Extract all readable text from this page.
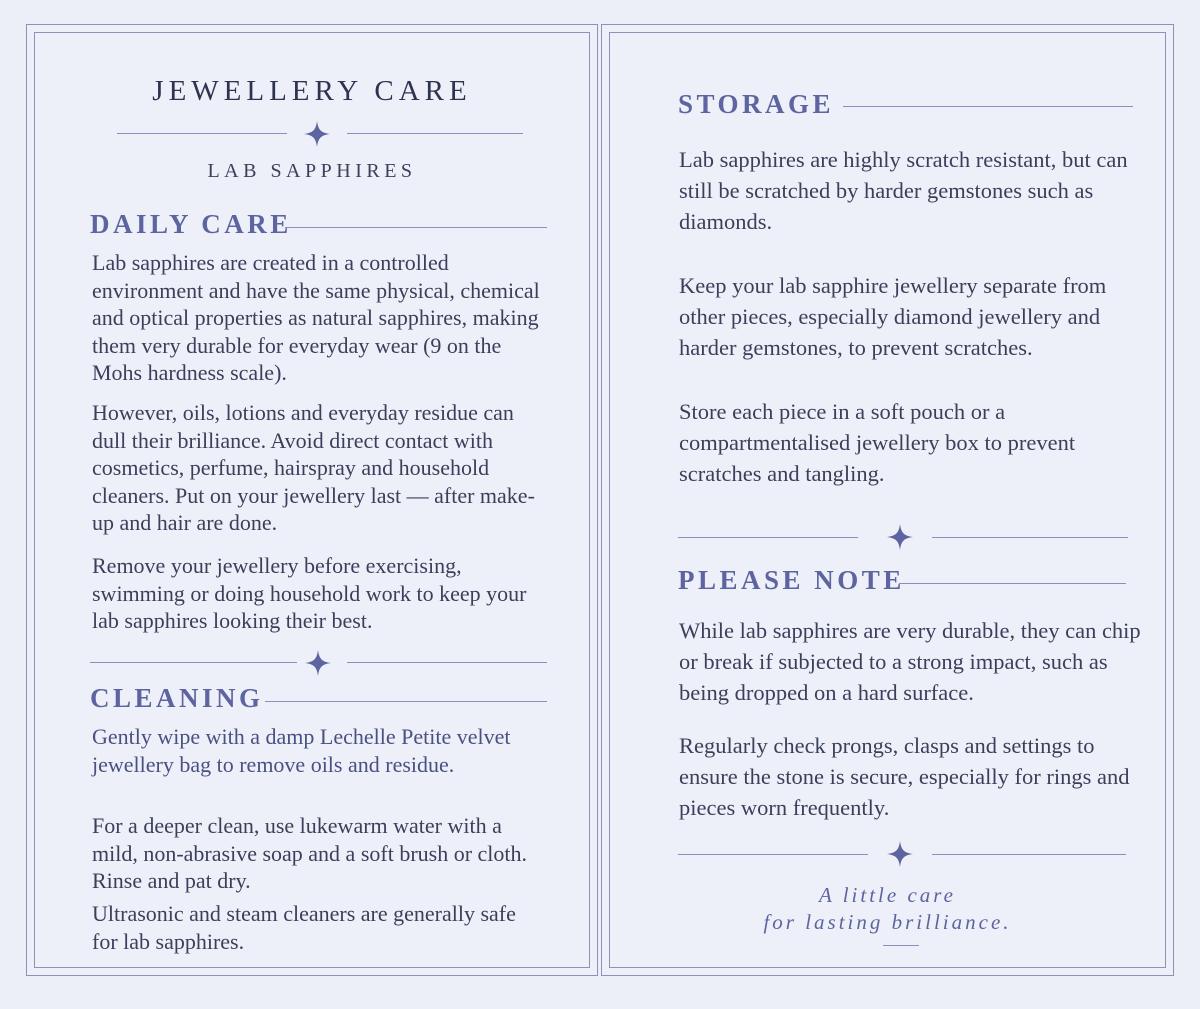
JEWELLERY CARE
LAB SAPPHIRES
DAILY CARE
Lab sapphires are created in a controlled environment and have the same physical, chemical and optical properties as natural sapphires, making them very durable for everyday wear (9 on the Mohs hardness scale).
However, oils, lotions and everyday residue can dull their brilliance. Avoid direct contact with cosmetics, perfume, hairspray and household cleaners. Put on your jewellery last — after make-up and hair are done.
Remove your jewellery before exercising, swimming or doing household work to keep your lab sapphires looking their best.
CLEANING
Gently wipe with a damp Lechelle Petite velvet jewellery bag to remove oils and residue.
For a deeper clean, use lukewarm water with a mild, non-abrasive soap and a soft brush or cloth. Rinse and pat dry.
Ultrasonic and steam cleaners are generally safe for lab sapphires.
STORAGE
Lab sapphires are highly scratch resistant, but can still be scratched by harder gemstones such as diamonds.
Keep your lab sapphire jewellery separate from other pieces, especially diamond jewellery and harder gemstones, to prevent scratches.
Store each piece in a soft pouch or a compartmentalised jewellery box to prevent scratches and tangling.
PLEASE NOTE
While lab sapphires are very durable, they can chip or break if subjected to a strong impact, such as being dropped on a hard surface.
Regularly check prongs, clasps and settings to ensure the stone is secure, especially for rings and pieces worn frequently.
A little care
for lasting brilliance.
